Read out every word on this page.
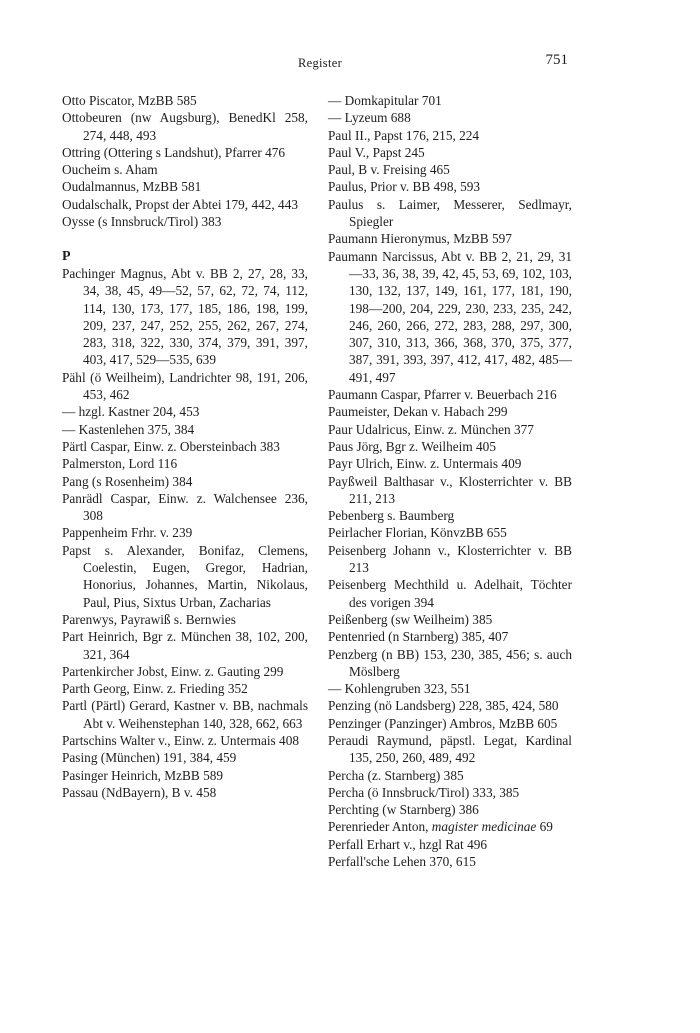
Register	751
Otto Piscator, MzBB 585
Ottobeuren (nw Augsburg), BenedKl 258, 274, 448, 493
Ottring (Ottering s Landshut), Pfarrer 476
Oucheim s. Aham
Oudalmannus, MzBB 581
Oudalschalk, Propst der Abtei 179, 442, 443
Oysse (s Innsbruck/Tirol) 383
P
Pachinger Magnus, Abt v. BB 2, 27, 28, 33, 34, 38, 45, 49—52, 57, 62, 72, 74, 112, 114, 130, 173, 177, 185, 186, 198, 199, 209, 237, 247, 252, 255, 262, 267, 274, 283, 318, 322, 330, 374, 379, 391, 397, 403, 417, 529—535, 639
Pähl (ö Weilheim), Landrichter 98, 191, 206, 453, 462
— hzgl. Kastner 204, 453
— Kastenlehen 375, 384
Pärtl Caspar, Einw. z. Obersteinbach 383
Palmerston, Lord 116
Pang (s Rosenheim) 384
Panrädl Caspar, Einw. z. Walchensee 236, 308
Pappenheim Frhr. v. 239
Papst s. Alexander, Bonifaz, Clemens, Coelestin, Eugen, Gregor, Hadrian, Honorius, Johannes, Martin, Nikolaus, Paul, Pius, Sixtus Urban, Zacharias
Parenwys, Payrawiß s. Bernwies
Part Heinrich, Bgr z. München 38, 102, 200, 321, 364
Partenkircher Jobst, Einw. z. Gauting 299
Parth Georg, Einw. z. Frieding 352
Partl (Pärtl) Gerard, Kastner v. BB, nachmals Abt v. Weihenstephan 140, 328, 662, 663
Partschins Walter v., Einw. z. Untermais 408
Pasing (München) 191, 384, 459
Pasinger Heinrich, MzBB 589
Passau (NdBayern), B v. 458
— Domkapitular 701
— Lyzeum 688
Paul II., Papst 176, 215, 224
Paul V., Papst 245
Paul, B v. Freising 465
Paulus, Prior v. BB 498, 593
Paulus s. Laimer, Messerer, Sedlmayr, Spiegler
Paumann Hieronymus, MzBB 597
Paumann Narcissus, Abt v. BB 2, 21, 29, 31—33, 36, 38, 39, 42, 45, 53, 69, 102, 103, 130, 132, 137, 149, 161, 177, 181, 190, 198—200, 204, 229, 230, 233, 235, 242, 246, 260, 266, 272, 283, 288, 297, 300, 307, 310, 313, 366, 368, 370, 375, 377, 387, 391, 393, 397, 412, 417, 482, 485—491, 497
Paumann Caspar, Pfarrer v. Beuerbach 216
Paumeister, Dekan v. Habach 299
Paur Udalricus, Einw. z. München 377
Paus Jörg, Bgr z. Weilheim 405
Payr Ulrich, Einw. z. Untermais 409
Payßweil Balthasar v., Klosterrichter v. BB 211, 213
Pebenberg s. Baumberg
Peirlacher Florian, KönvzBB 655
Peisenberg Johann v., Klosterrichter v. BB 213
Peisenberg Mechthild u. Adelhait, Töchter des vorigen 394
Peißenberg (sw Weilheim) 385
Pentenried (n Starnberg) 385, 407
Penzberg (n BB) 153, 230, 385, 456; s. auch Möslberg
— Kohlengruben 323, 551
Penzing (nö Landsberg) 228, 385, 424, 580
Penzinger (Panzinger) Ambros, MzBB 605
Peraudi Raymund, päpstl. Legat, Kardinal 135, 250, 260, 489, 492
Percha (z. Starnberg) 385
Percha (ö Innsbruck/Tirol) 333, 385
Perchting (w Starnberg) 386
Perenrieder Anton, magister medicinae 69
Perfall Erhart v., hzgl Rat 496
Perfall'sche Lehen 370, 615
